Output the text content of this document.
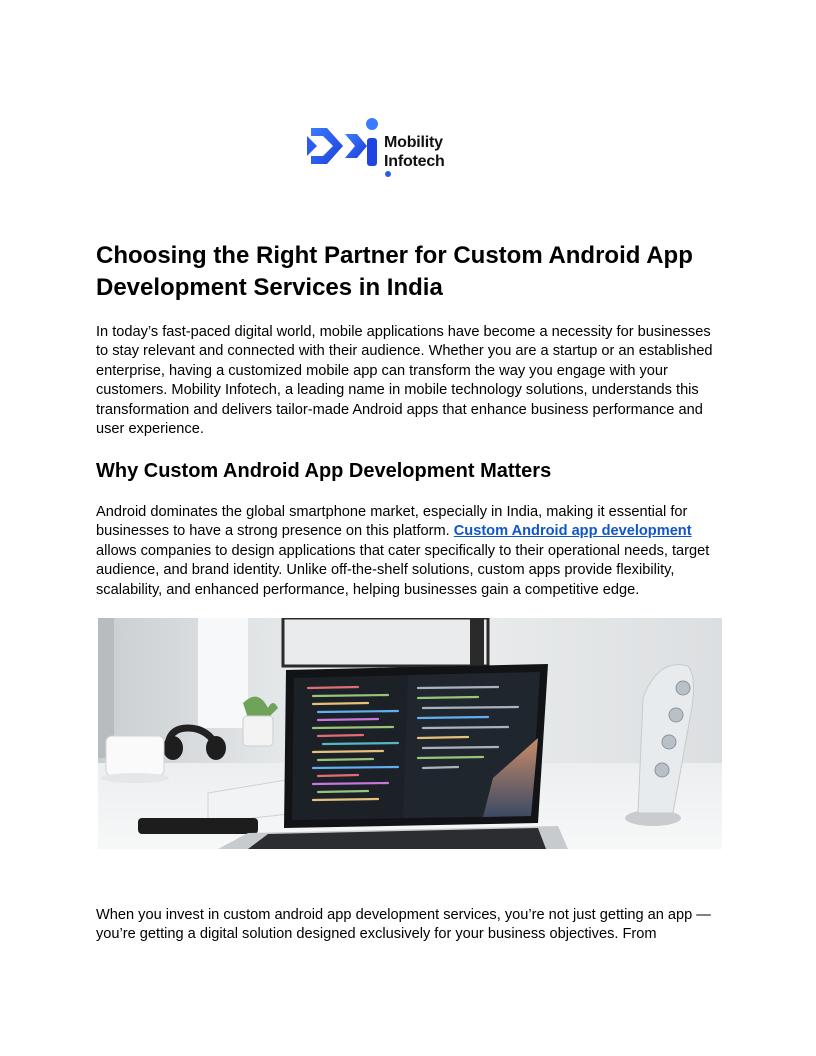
Mobility
Infotech
Choosing the Right Partner for Custom Android App Development Services in India

In today’s fast-paced digital world, mobile applications have become a necessity for businesses to stay relevant and connected with their audience. Whether you are a startup or an established enterprise, having a customized mobile app can transform the way you engage with your customers. Mobility Infotech, a leading name in mobile technology solutions, understands this transformation and delivers tailor-made Android apps that enhance business performance and user experience.

Why Custom Android App Development Matters

Android dominates the global smartphone market, especially in India, making it essential for businesses to have a strong presence on this platform. Custom Android app development allows companies to design applications that cater specifically to their operational needs, target audience, and brand identity. Unlike off-the-shelf solutions, custom apps provide flexibility, scalability, and enhanced performance, helping businesses gain a competitive edge.

When you invest in custom android app development services, you’re not just getting an app — you’re getting a digital solution designed exclusively for your business objectives. From
